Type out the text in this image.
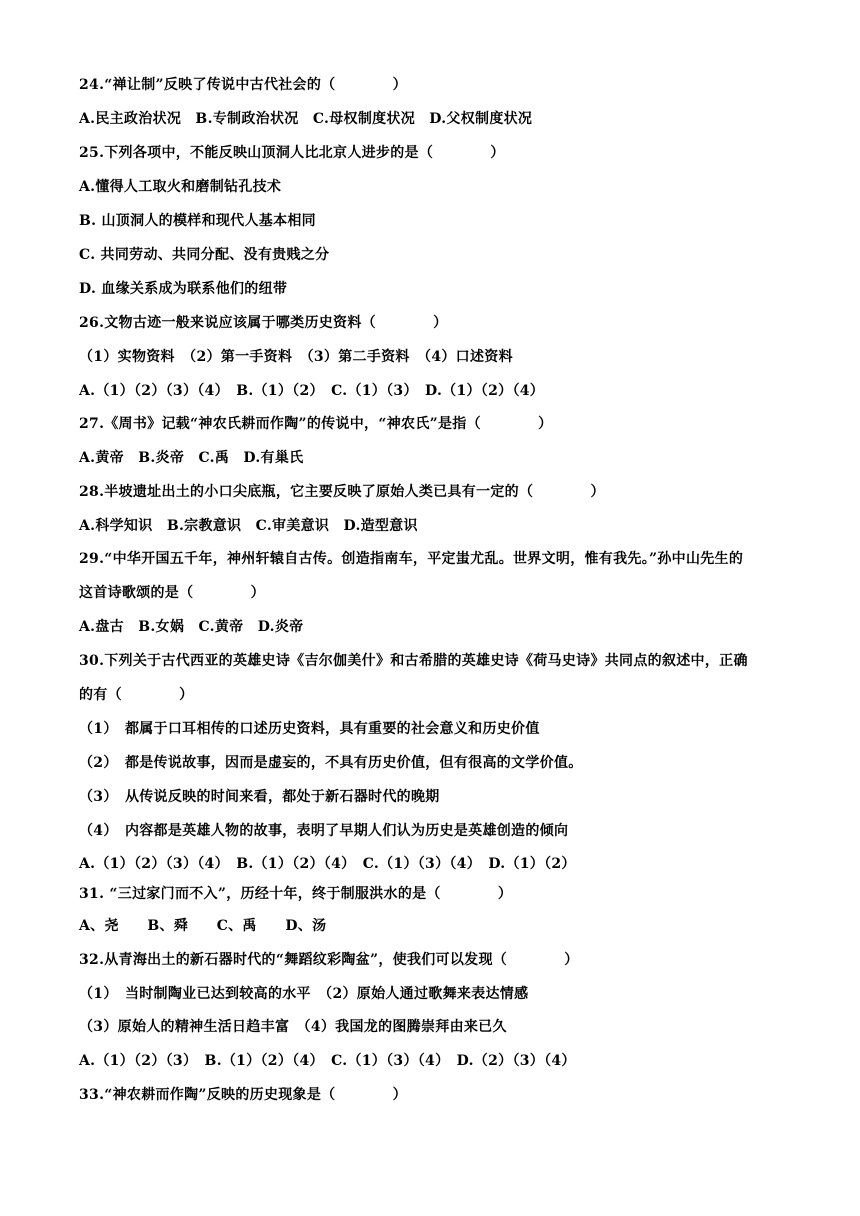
24.“禅让制”反映了传说中古代社会的（　　　　）
A.民主政治状况　B.专制政治状况　C.母权制度状况　D.父权制度状况
25.下列各项中，不能反映山顶洞人比北京人进步的是（　　　　）
A.懂得人工取火和磨制钻孔技术
B. 山顶洞人的模样和现代人基本相同
C. 共同劳动、共同分配、没有贵贱之分
D. 血缘关系成为联系他们的纽带
26.文物古迹一般来说应该属于哪类历史资料（　　　　）
（1）实物资料　（2）第一手资料　（3）第二手资料　（4）口述资料
A.（1）（2）（3）（4）　B.（1）（2）　C.（1）（3）　D.（1）（2）（4）
27.《周书》记载“神农氏耕而作陶”的传说中，“神农氏”是指（　　　　）
A.黄帝　B.炎帝　C.禹　D.有巢氏
28.半坡遗址出土的小口尖底瓶，它主要反映了原始人类已具有一定的（　　　　）
A.科学知识　B.宗教意识　C.审美意识　D.造型意识
29.“中华开国五千年，神州轩辕自古传。创造指南车，平定蚩尤乱。世界文明，惟有我先。”孙中山先生的
这首诗歌颂的是（　　　　）
A.盘古　B.女娲　C.黄帝　D.炎帝
30.下列关于古代西亚的英雄史诗《吉尔伽美什》和古希腊的英雄史诗《荷马史诗》共同点的叙述中，正确
的有（　　　　）
（1）　都属于口耳相传的口述历史资料，具有重要的社会意义和历史价值
（2）　都是传说故事，因而是虚妄的，不具有历史价值，但有很高的文学价值。
（3）　从传说反映的时间来看，都处于新石器时代的晚期
（4）　内容都是英雄人物的故事，表明了早期人们认为历史是英雄创造的倾向
A.（1）（2）（3）（4）　B.（1）（2）（4）　C.（1）（3）（4）　D.（1）（2）
31. “三过家门而不入”，历经十年，终于制服洪水的是（　　　　）
A、尧　　B、舜　　C、禹　　D、汤
32.从青海出土的新石器时代的“舞蹈纹彩陶盆”，使我们可以发现（　　　　）
（1）　当时制陶业已达到较高的水平　（2）原始人通过歌舞来表达情感
（3）原始人的精神生活日趋丰富　（4）我国龙的图腾崇拜由来已久
A.（1）（2）（3）　B.（1）（2）（4）　C.（1）（3）（4）　D.（2）（3）（4）
33.“神农耕而作陶”反映的历史现象是（　　　　）
